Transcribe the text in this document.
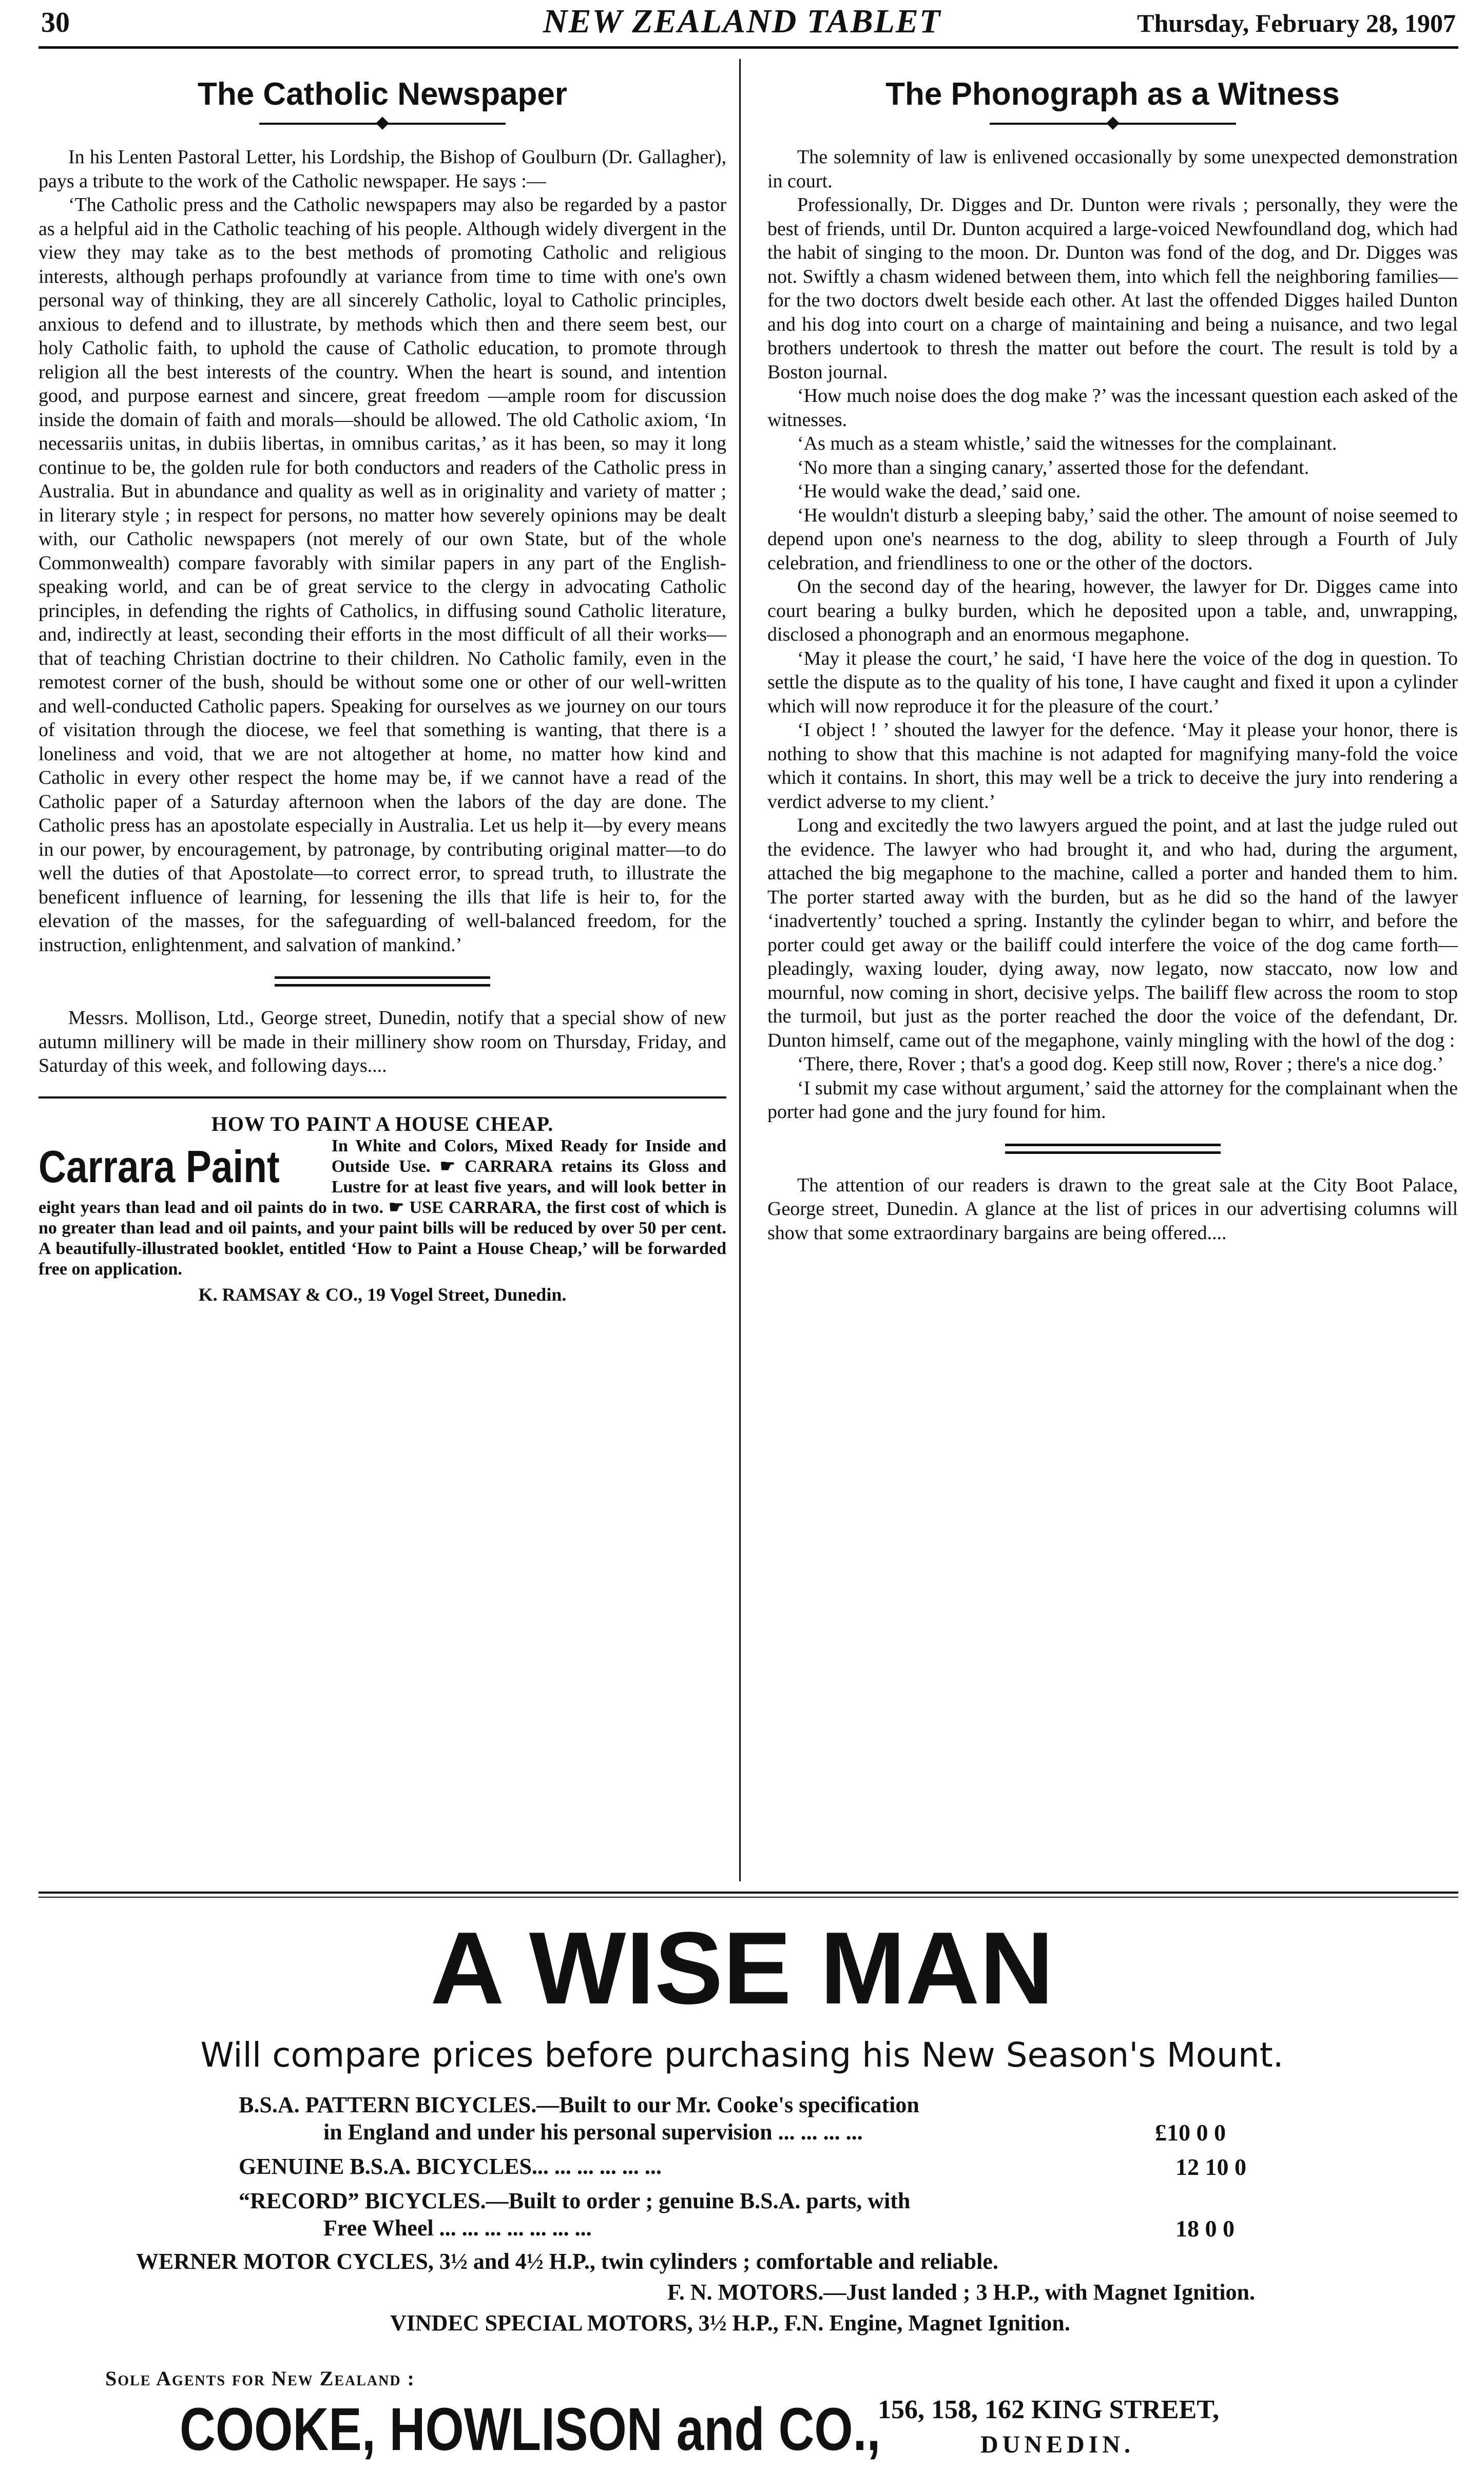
30	NEW ZEALAND TABLET	Thursday, February 28, 1907
The Catholic Newspaper

In his Lenten Pastoral Letter, his Lordship, the Bishop of Goulburn (Dr. Gallagher), pays a tribute to the work of the Catholic newspaper. He says :—

‘The Catholic press and the Catholic newspapers may also be regarded by a pastor as a helpful aid in the Catholic teaching of his people. Although widely divergent in the view they may take as to the best methods of promoting Catholic and religious interests, although perhaps profoundly at variance from time to time with one's own personal way of thinking, they are all sincerely Catholic, loyal to Catholic principles, anxious to defend and to illustrate, by methods which then and there seem best, our holy Catholic faith, to uphold the cause of Catholic education, to promote through religion all the best interests of the country. When the heart is sound, and intention good, and purpose earnest and sincere, great freedom —ample room for discussion inside the domain of faith and morals—should be allowed. The old Catholic axiom, ‘In necessariis unitas, in dubiis libertas, in omnibus caritas,’ as it has been, so may it long continue to be, the golden rule for both conductors and readers of the Catholic press in Australia. But in abundance and quality as well as in originality and variety of matter ; in literary style ; in respect for persons, no matter how severely opinions may be dealt with, our Catholic newspapers (not merely of our own State, but of the whole Commonwealth) compare favorably with similar papers in any part of the English-speaking world, and can be of great service to the clergy in advocating Catholic principles, in defending the rights of Catholics, in diffusing sound Catholic literature, and, indirectly at least, seconding their efforts in the most difficult of all their works—that of teaching Christian doctrine to their children. No Catholic family, even in the remotest corner of the bush, should be without some one or other of our well-written and well-conducted Catholic papers. Speaking for ourselves as we journey on our tours of visitation through the diocese, we feel that something is wanting, that there is a loneliness and void, that we are not altogether at home, no matter how kind and Catholic in every other respect the home may be, if we cannot have a read of the Catholic paper of a Saturday afternoon when the labors of the day are done. The Catholic press has an apostolate especially in Australia. Let us help it—by every means in our power, by encouragement, by patronage, by contributing original matter—to do well the duties of that Apostolate—to correct error, to spread truth, to illustrate the beneficent influence of learning, for lessening the ills that life is heir to, for the elevation of the masses, for the safeguarding of well-balanced freedom, for the instruction, enlightenment, and salvation of mankind.’

Messrs. Mollison, Ltd., George street, Dunedin, notify that a special show of new autumn millinery will be made in their millinery show room on Thursday, Friday, and Saturday of this week, and following days....

HOW TO PAINT A HOUSE CHEAP.
Carrara Paint	In White and Colors, Mixed Ready for Inside and Outside Use. ☛ CARRARA retains its Gloss and Lustre for at least five years, and will look better in eight years than lead and oil paints do in two. ☛ USE CARRARA, the first cost of which is no greater than lead and oil paints, and your paint bills will be reduced by over 50 per cent. A beautifully-illustrated booklet, entitled ‘How to Paint a House Cheap,’ will be forwarded free on application.
K. RAMSAY & CO., 19 Vogel Street, Dunedin.
The Phonograph as a Witness

The solemnity of law is enlivened occasionally by some unexpected demonstration in court.

Professionally, Dr. Digges and Dr. Dunton were rivals ; personally, they were the best of friends, until Dr. Dunton acquired a large-voiced Newfoundland dog, which had the habit of singing to the moon. Dr. Dunton was fond of the dog, and Dr. Digges was not. Swiftly a chasm widened between them, into which fell the neighboring families—for the two doctors dwelt beside each other. At last the offended Digges hailed Dunton and his dog into court on a charge of maintaining and being a nuisance, and two legal brothers undertook to thresh the matter out before the court. The result is told by a Boston journal.

‘How much noise does the dog make ?’ was the incessant question each asked of the witnesses.

‘As much as a steam whistle,’ said the witnesses for the complainant.

‘No more than a singing canary,’ asserted those for the defendant.

‘He would wake the dead,’ said one.

‘He wouldn't disturb a sleeping baby,’ said the other. The amount of noise seemed to depend upon one's nearness to the dog, ability to sleep through a Fourth of July celebration, and friendliness to one or the other of the doctors.

On the second day of the hearing, however, the lawyer for Dr. Digges came into court bearing a bulky burden, which he deposited upon a table, and, unwrapping, disclosed a phonograph and an enormous megaphone.

‘May it please the court,’ he said, ‘I have here the voice of the dog in question. To settle the dispute as to the quality of his tone, I have caught and fixed it upon a cylinder which will now reproduce it for the pleasure of the court.’

‘I object ! ’ shouted the lawyer for the defence. ‘May it please your honor, there is nothing to show that this machine is not adapted for magnifying many-fold the voice which it contains. In short, this may well be a trick to deceive the jury into rendering a verdict adverse to my client.’

Long and excitedly the two lawyers argued the point, and at last the judge ruled out the evidence. The lawyer who had brought it, and who had, during the argument, attached the big megaphone to the machine, called a porter and handed them to him. The porter started away with the burden, but as he did so the hand of the lawyer ‘inadvertently’ touched a spring. Instantly the cylinder began to whirr, and before the porter could get away or the bailiff could interfere the voice of the dog came forth—pleadingly, waxing louder, dying away, now legato, now staccato, now low and mournful, now coming in short, decisive yelps. The bailiff flew across the room to stop the turmoil, but just as the porter reached the door the voice of the defendant, Dr. Dunton himself, came out of the megaphone, vainly mingling with the howl of the dog :

‘There, there, Rover ; that's a good dog. Keep still now, Rover ; there's a nice dog.’

‘I submit my case without argument,’ said the attorney for the complainant when the porter had gone and the jury found for him.

The attention of our readers is drawn to the great sale at the City Boot Palace, George street, Dunedin. A glance at the list of prices in our advertising columns will show that some extraordinary bargains are being offered....

A WISE MAN
Will compare prices before purchasing his New Season's Mount.
B.S.A. PATTERN BICYCLES.—Built to our Mr. Cooke's specification
in England and under his personal supervision ... ... ... ...	£10 0 0
GENUINE B.S.A. BICYCLES... ... ... ... ... ...	12 10 0
“RECORD” BICYCLES.—Built to order ; genuine B.S.A. parts, with
Free Wheel ... ... ... ... ... ... ...	18 0 0
WERNER MOTOR CYCLES, 3½ and 4½ H.P., twin cylinders ; comfortable and reliable.
F. N. MOTORS.—Just landed ; 3 H.P., with Magnet Ignition.
VINDEC SPECIAL MOTORS, 3½ H.P., F.N. Engine, Magnet Ignition.
Sole Agents for New Zealand :
COOKE, HOWLISON and CO.,
156, 158, 162 KING STREET,
DUNEDIN.
